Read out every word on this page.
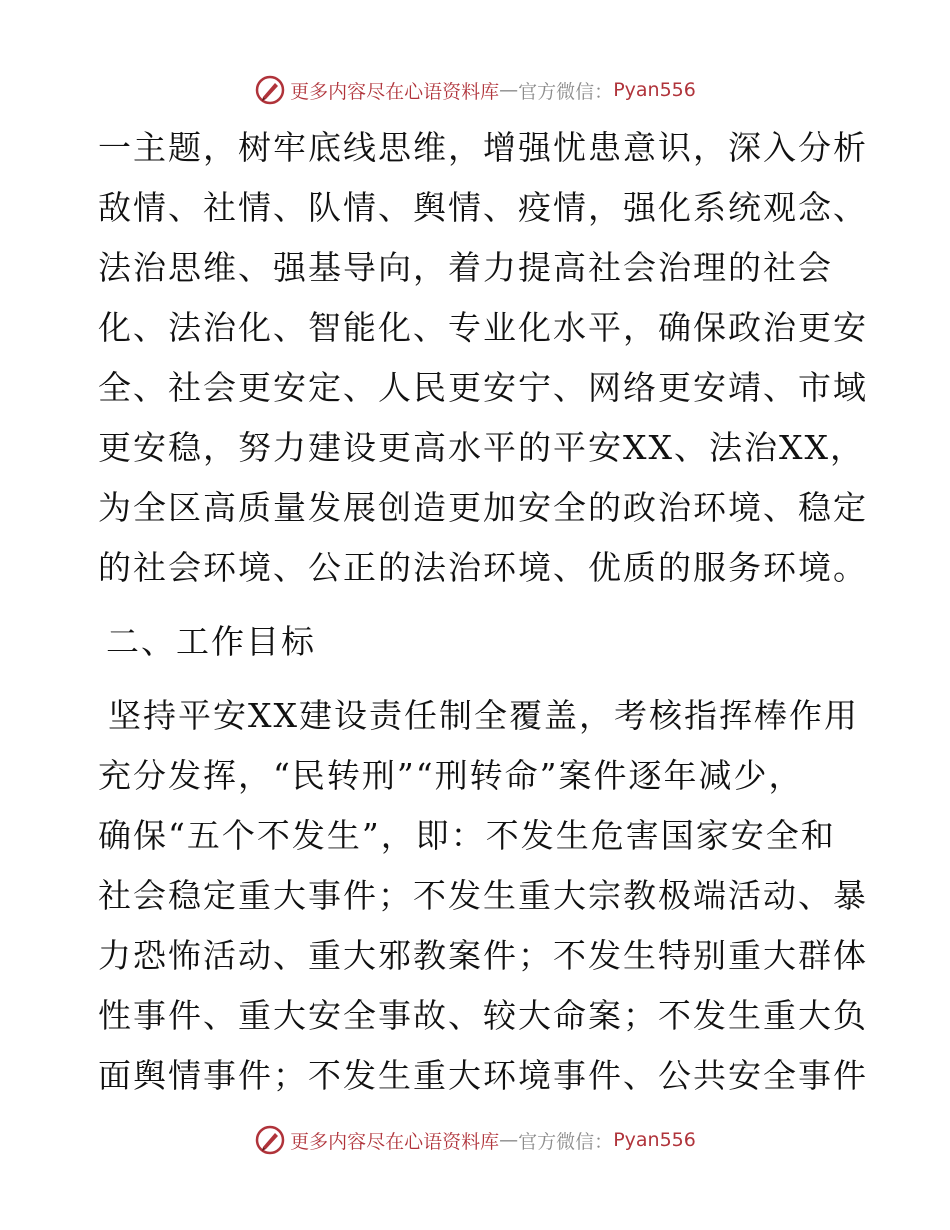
更多内容尽在心语资料库 — 官方微信： Pyan556
一主题，树牢底线思维，增强忧患意识，深入分析
敌情、社情、队情、舆情、疫情，强化系统观念、
法治思维、强基导向，着力提高社会治理的社会
化、法治化、智能化、专业化水平，确保政治更安
全、社会更安定、人民更安宁、网络更安靖、市域
更安稳，努力建设更高水平的平安XX、法治XX，
为全区高质量发展创造更加安全的政治环境、稳定
的社会环境、公正的法治环境、优质的服务环境。
二、工作目标
坚持平安XX建设责任制全覆盖，考核指挥棒作用
充分发挥，“民转刑”“刑转命”案件逐年减少，
确保“五个不发生”，即：不发生危害国家安全和
社会稳定重大事件；不发生重大宗教极端活动、暴
力恐怖活动、重大邪教案件；不发生特别重大群体
性事件、重大安全事故、较大命案；不发生重大负
面舆情事件；不发生重大环境事件、公共安全事件
更多内容尽在心语资料库 — 官方微信： Pyan556
